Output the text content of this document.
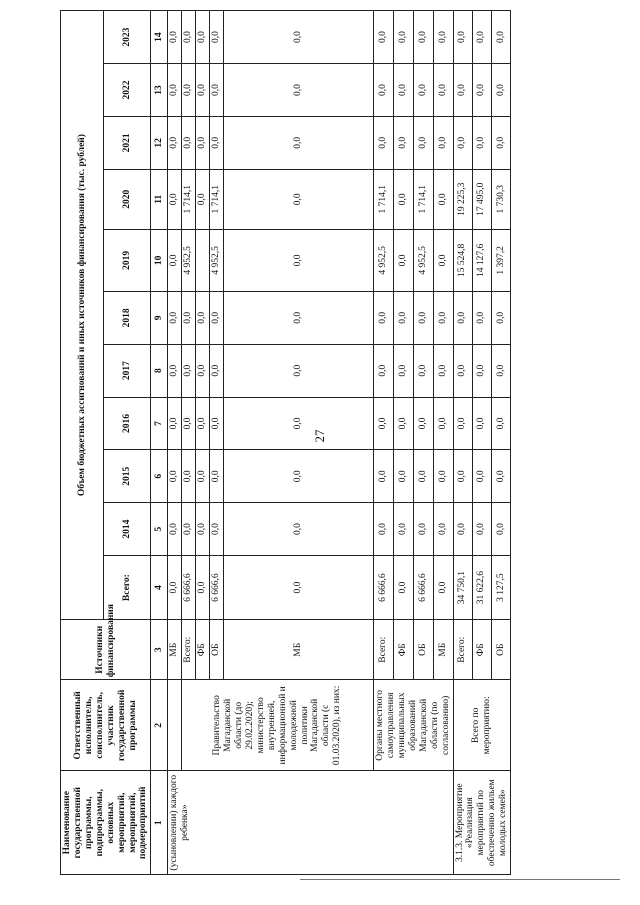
27
Наименование государственной программы, подпрограммы, основных мероприятий, мероприятий, подмероприятий	Ответственный исполнитель, соисполнитель, участник государственной программы	Источники финансирования	Объем бюджетных ассигнований и иных источников финансирования (тыс. рублей)										
			Всего:	2014	2015	2016	2017	2018	2019	2020	2021	2022	2023
1	2	3	4	5	6	7	8	9	10	11	12	13	14
(усыновлении) каждого ребенка»		МБ	0,0	0,0	0,0	0,0	0,0	0,0	0,0	0,0	0,0	0,0	0,0
	Правительство Магаданской области (до 29.02.2020); министерство внутренней, информационной и молодежной политики Магаданской области (с 01.03.2020), из них:	Всего:	6 666,6	0,0	0,0	0,0	0,0	0,0	4 952,5	1 714,1	0,0	0,0	0,0
		ФБ	0,0	0,0	0,0	0,0	0,0	0,0		0,0	0,0	0,0	0,0
		ОБ	6 666,6	0,0	0,0	0,0	0,0	0,0	4 952,5	1 714,1	0,0	0,0	0,0
		МБ	0,0	0,0	0,0	0,0	0,0	0,0	0,0	0,0	0,0	0,0	0,0
	Органы местного самоуправления муниципальных образований Магаданской области (по согласованию)	Всего:	6 666,6	0,0	0,0	0,0	0,0	0,0	4 952,5	1 714,1	0,0	0,0	0,0
		ФБ	0,0	0,0	0,0	0,0	0,0	0,0	0,0	0,0	0,0	0,0	0,0
		ОБ	6 666,6	0,0	0,0	0,0	0,0	0,0	4 952,5	1 714,1	0,0	0,0	0,0
		МБ	0,0	0,0	0,0	0,0	0,0	0,0	0,0	0,0	0,0	0,0	0,0
3.1.3. Мероприятие «Реализация мероприятий по обеспечению жильем молодых семей»	Всего по мероприятию:	Всего:	34 750,1	0,0	0,0	0,0	0,0	0,0	15 524,8	19 225,3	0,0	0,0	0,0
		ФБ	31 622,6	0,0	0,0	0,0	0,0	0,0	14 127,6	17 495,0	0,0	0,0	0,0
		ОБ	3 127,5	0,0	0,0	0,0	0,0	0,0	1 397,2	1 730,3	0,0	0,0	0,0
